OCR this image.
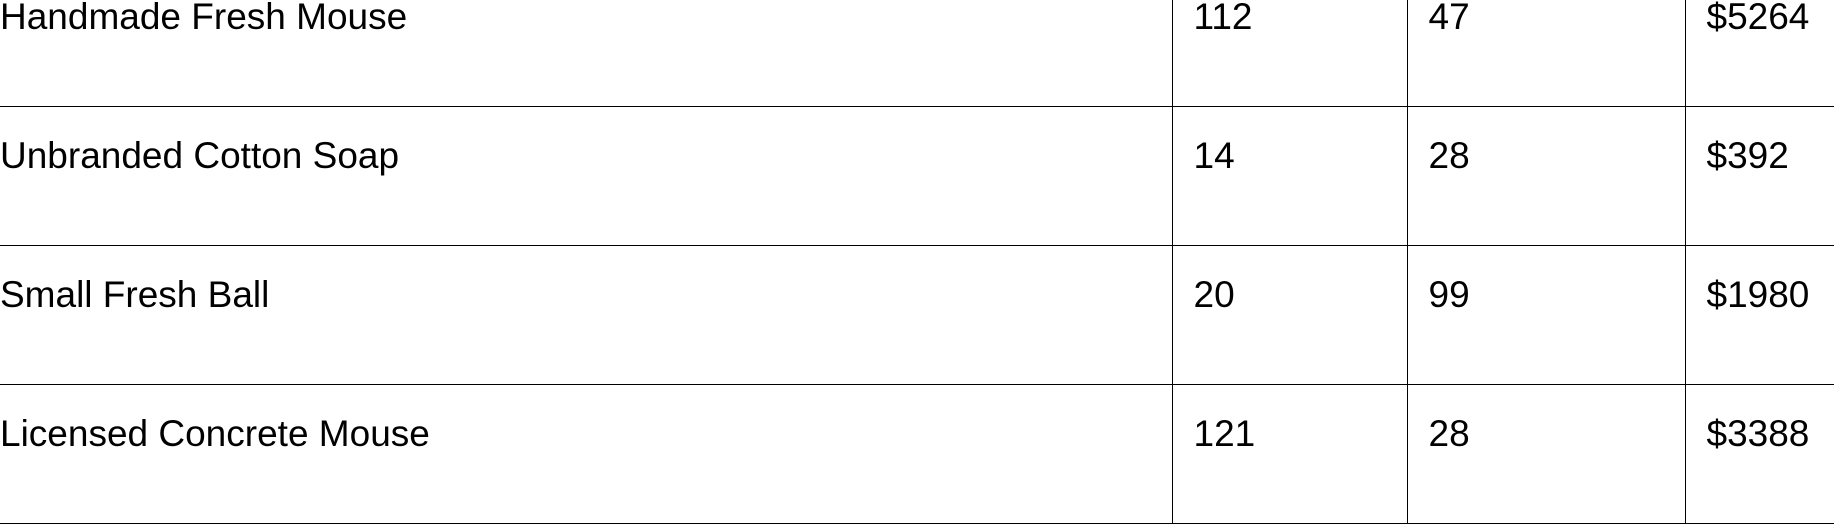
Handmade Fresh Mouse	112	47	$5264

Unbranded Cotton Soap	14	28	$392

Small Fresh Ball	20	99	$1980

Licensed Concrete Mouse	121	28	$3388
